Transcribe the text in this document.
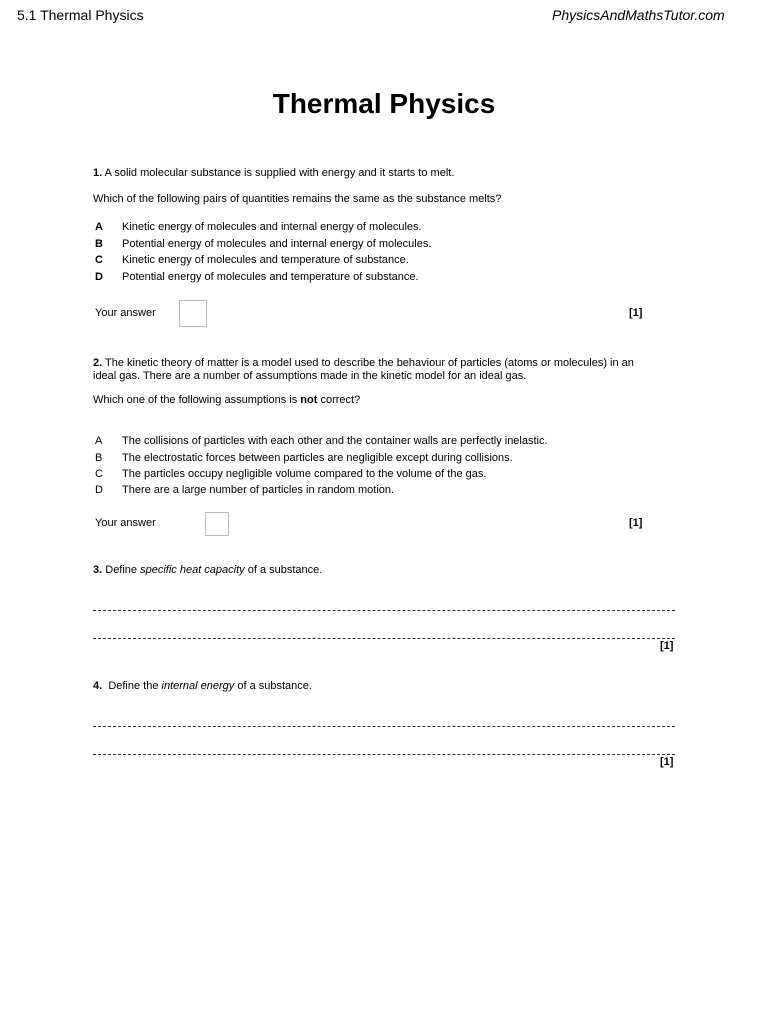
5.1 Thermal Physics	PhysicsAndMathsTutor.com
Thermal Physics
1. A solid molecular substance is supplied with energy and it starts to melt.
Which of the following pairs of quantities remains the same as the substance melts?
A Kinetic energy of molecules and internal energy of molecules.
B Potential energy of molecules and internal energy of molecules.
C Kinetic energy of molecules and temperature of substance.
D Potential energy of molecules and temperature of substance.
Your answer	[1]
2. The kinetic theory of matter is a model used to describe the behaviour of particles (atoms or molecules) in an
ideal gas. There are a number of assumptions made in the kinetic model for an ideal gas.
Which one of the following assumptions is not correct?
A The collisions of particles with each other and the container walls are perfectly inelastic.
B The electrostatic forces between particles are negligible except during collisions.
C The particles occupy negligible volume compared to the volume of the gas.
D There are a large number of particles in random motion.
Your answer	[1]
3. Define specific heat capacity of a substance.
[1]
4. Define the internal energy of a substance.
[1]
